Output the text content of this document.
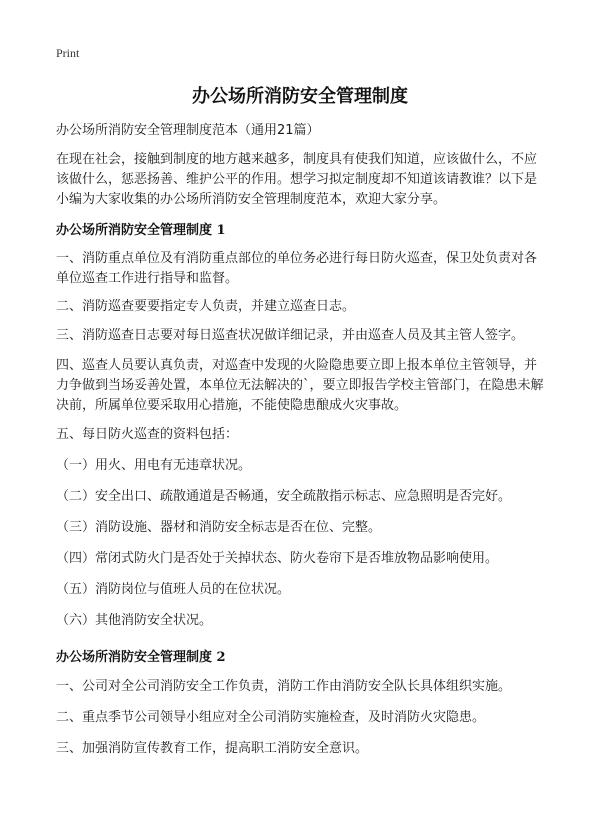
Print
办公场所消防安全管理制度
办公场所消防安全管理制度范本（通用21篇）
在现在社会，接触到制度的地方越来越多，制度具有使我们知道，应该做什么，不应该做什么，惩恶扬善、维护公平的作用。想学习拟定制度却不知道该请教谁？以下是小编为大家收集的办公场所消防安全管理制度范本，欢迎大家分享。
办公场所消防安全管理制度 1
一、消防重点单位及有消防重点部位的单位务必进行每日防火巡查，保卫处负责对各单位巡查工作进行指导和监督。
二、消防巡查要要指定专人负责，并建立巡查日志。
三、消防巡查日志要对每日巡查状况做详细记录，并由巡查人员及其主管人签字。
四、巡查人员要认真负责，对巡查中发现的火险隐患要立即上报本单位主管领导，并力争做到当场妥善处置，本单位无法解决的`，要立即报告学校主管部门，在隐患未解决前，所属单位要采取用心措施，不能使隐患酿成火灾事故。
五、每日防火巡查的资料包括：
（一）用火、用电有无违章状况。
（二）安全出口、疏散通道是否畅通，安全疏散指示标志、应急照明是否完好。
（三）消防设施、器材和消防安全标志是否在位、完整。
（四）常闭式防火门是否处于关掉状态、防火卷帘下是否堆放物品影响使用。
（五）消防岗位与值班人员的在位状况。
（六）其他消防安全状况。
办公场所消防安全管理制度 2
一、公司对全公司消防安全工作负责，消防工作由消防安全队长具体组织实施。
二、重点季节公司领导小组应对全公司消防实施检查，及时消防火灾隐患。
三、加强消防宣传教育工作，提高职工消防安全意识。
